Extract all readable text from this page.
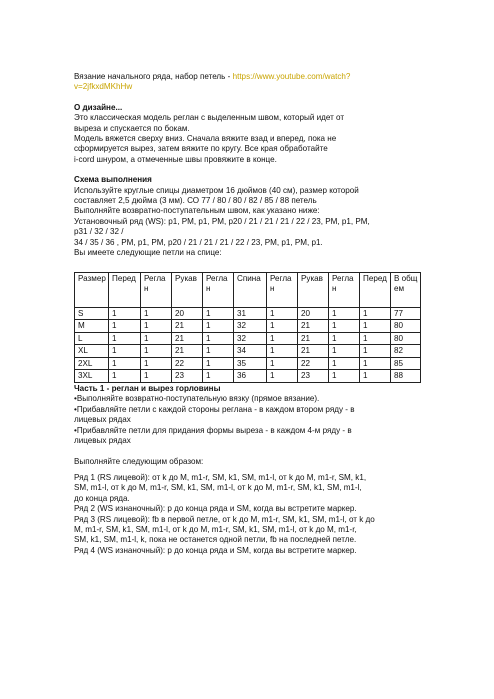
Вязание начального ряда, набор петель - https://www.youtube.com/watch?
v=2jfkxdMKhHw
О дизайне...
Это классическая модель реглан с выделенным швом, который идет от
выреза и спускается по бокам.
Модель вяжется сверху вниз. Сначала вяжите взад и вперед, пока не
сформируется вырез, затем вяжите по кругу. Все края обработайте
i-cord шнуром, а отмеченные швы провяжите в конце.
Схема выполнения
Используйте круглые спицы диаметром 16 дюймов (40 см), размер которой
составляет 2,5 дюйма (3 мм). СО 77 / 80 / 80 / 82 / 85 / 88 петель
Выполняйте возвратно-поступательным швом, как указано ниже:
Установочный ряд (WS): p1, PM, p1, PM, p20 / 21 / 21 / 21 / 22 / 23, PM, p1, PM,
p31 / 32 / 32 /
34 / 35 / 36 , PM, p1, PM, p20 / 21 / 21 / 21 / 22 / 23, PM, p1, PM, p1.
Вы имеете следующие петли на спице:
Размер	Перед	Реглан	Рукав	Реглан	Спина	Реглан	Рукав	Реглан	Перед	В общем
S	1	1	20	1	31	1	20	1	1	77
M	1	1	21	1	32	1	21	1	1	80
L	1	1	21	1	32	1	21	1	1	80
XL	1	1	21	1	34	1	21	1	1	82
2XL	1	1	22	1	35	1	22	1	1	85
3XL	1	1	23	1	36	1	23	1	1	88
Часть 1 - реглан и вырез горловины
•Выполняйте возвратно-поступательную вязку (прямое вязание).
•Прибавляйте петли с каждой стороны реглана - в каждом втором ряду - в
лицевых рядах
•Прибавляйте петли для придания формы выреза - в каждом 4-м ряду - в
лицевых рядах
Выполняйте следующим образом:
Ряд 1 (RS лицевой): от k до M, m1-r, SM, k1, SM, m1-l, от k до M, m1-r, SM, k1,
SM, m1-l, от k до M, m1-r, SM, k1, SM, m1-l, от k до M, m1-r, SM, k1, SM, m1-l,
до конца ряда.
Ряд 2 (WS изнаночный): p до конца ряда и SM, когда вы встретите маркер.
Ряд 3 (RS лицевой): fb в первой петле, от k до M, m1-r, SM, k1, SM, m1-l, от k до
M, m1-r, SM, k1, SM, m1-l, от k до M, m1-r, SM, k1, SM, m1-l, от k до M, m1-r,
SM, k1, SM, m1-l, k, пока не останется одной петли, fb на последней петле.
Ряд 4 (WS изнаночный): p до конца ряда и SM, когда вы встретите маркер.
